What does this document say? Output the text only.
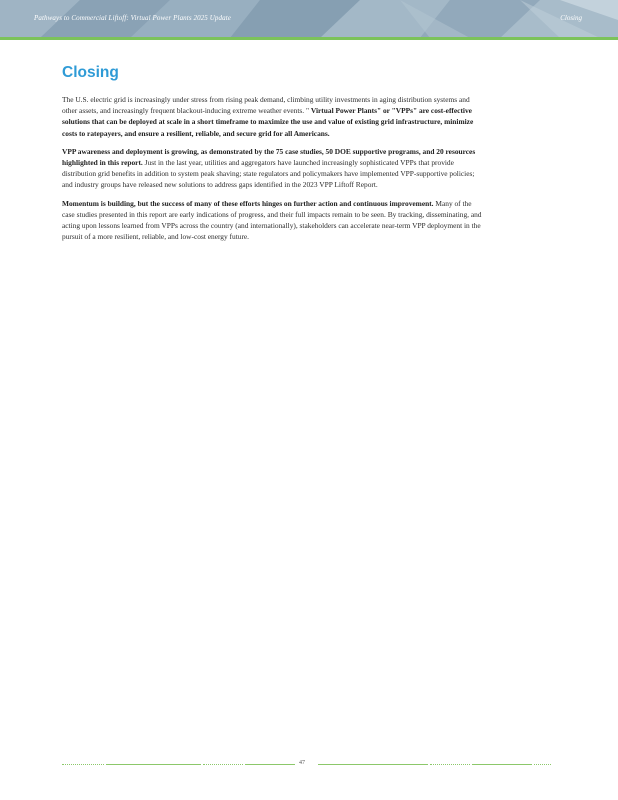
Pathways to Commercial Liftoff: Virtual Power Plants 2025 Update	Closing
Closing

The U.S. electric grid is increasingly under stress from rising peak demand, climbing utility investments in aging distribution systems and other assets, and increasingly frequent blackout-inducing extreme weather events. " Virtual Power Plants" or "VPPs" are cost-effective solutions that can be deployed at scale in a short timeframe to maximize the use and value of existing grid infrastructure, minimize costs to ratepayers, and ensure a resilient, reliable, and secure grid for all Americans.

VPP awareness and deployment is growing, as demonstrated by the 75 case studies, 50 DOE supportive programs, and 20 resources highlighted in this report. Just in the last year, utilities and aggregators have launched increasingly sophisticated VPPs that provide distribution grid benefits in addition to system peak shaving; state regulators and policymakers have implemented VPP-supportive policies; and industry groups have released new solutions to address gaps identified in the 2023 VPP Liftoff Report.

Momentum is building, but the success of many of these efforts hinges on further action and continuous improvement. Many of the case studies presented in this report are early indications of progress, and their full impacts remain to be seen. By tracking, disseminating, and acting upon lessons learned from VPPs across the country (and internationally), stakeholders can accelerate near-term VPP deployment in the pursuit of a more resilient, reliable, and low-cost energy future.

47
